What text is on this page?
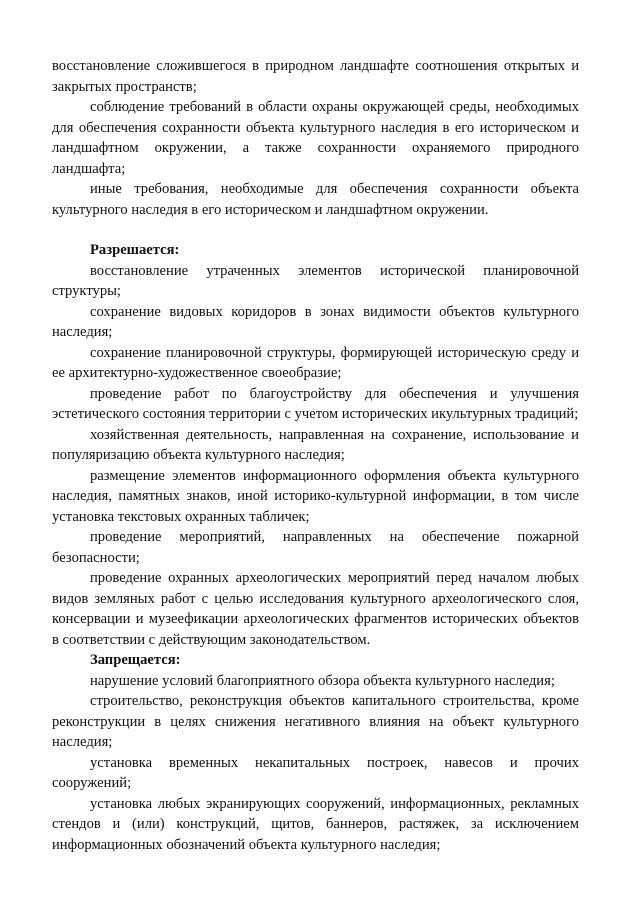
восстановление сложившегося в природном ландшафте соотношения открытых и закрытых пространств;

соблюдение требований в области охраны окружающей среды, необходимых для обеспечения сохранности объекта культурного наследия в его историческом и ландшафтном окружении, а также сохранности охраняемого природного ландшафта;

иные требования, необходимые для обеспечения сохранности объекта культурного наследия в его историческом и ландшафтном окружении.

Разрешается:

восстановление утраченных элементов исторической планировочной структуры;

сохранение видовых коридоров в зонах видимости объектов культурного наследия;

сохранение планировочной структуры, формирующей историческую среду и ее архитектурно-художественное своеобразие;

проведение работ по благоустройству для обеспечения и улучшения эстетического состояния территории с учетом исторических икультурных традиций;

хозяйственная деятельность, направленная на сохранение, использование и популяризацию объекта культурного наследия;

размещение элементов информационного оформления объекта культурного наследия, памятных знаков, иной историко-культурной информации, в том числе установка текстовых охранных табличек;

проведение мероприятий, направленных на обеспечение пожарной безопасности;

проведение охранных археологических мероприятий перед началом любых видов земляных работ с целью исследования культурного археологического слоя, консервации и музеефикации археологических фрагментов исторических объектов в соответствии с действующим законодательством.

Запрещается:

нарушение условий благоприятного обзора объекта культурного наследия;

строительство, реконструкция объектов капитального строительства, кроме реконструкции в целях снижения негативного влияния на объект культурного наследия;

установка временных некапитальных построек, навесов и прочих сооружений;

установка любых экранирующих сооружений, информационных, рекламных стендов и (или) конструкций, щитов, баннеров, растяжек, за исключением информационных обозначений объекта культурного наследия;
